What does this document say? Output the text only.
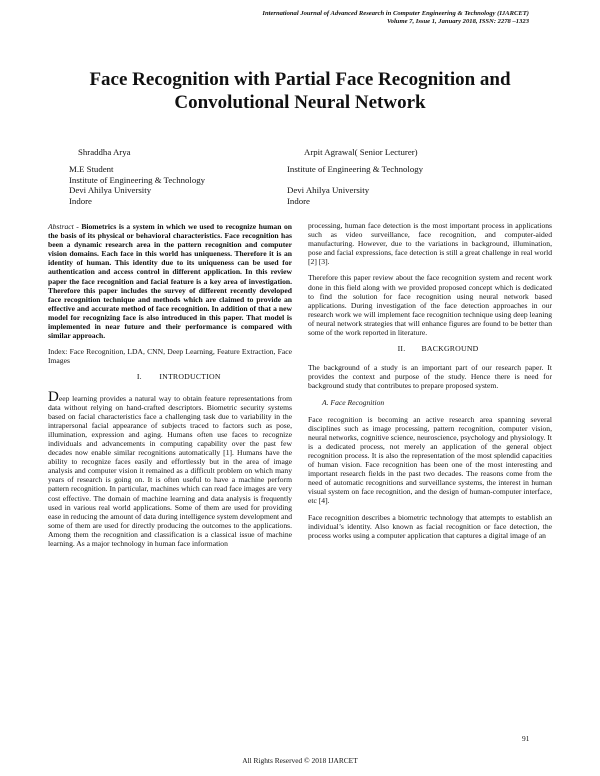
International Journal of Advanced Research in Computer Engineering & Technology (IJARCET)
Volume 7, Issue 1, January 2018, ISSN: 2278 –1323
Face Recognition with Partial Face Recognition and
Convolutional Neural Network
Shraddha Arya	Arpit Agrawal( Senior Lecturer)
M.E Student
Institute of Engineering & Technology
Devi Ahilya University
Indore
Institute of Engineering & Technology
Devi Ahilya University
Indore

Abstract - Biometrics is a system in which we used to recognize human on the basis of its physical or behavioral characteristics. Face recognition has been a dynamic research area in the pattern recognition and computer vision domains. Each face in this world has uniqueness. Therefore it is an identity of human. This identity due to its uniqueness can be used for authentication and access control in different application. In this review paper the face recognition and facial feature is a key area of investigation. Therefore this paper includes the survey of different recently developed face recognition technique and methods which are claimed to provide an effective and accurate method of face recognition. In addition of that a new model for recognizing face is also introduced in this paper. That model is implemented in near future and their performance is compared with similar approach.

Index: Face Recognition, LDA, CNN, Deep Learning, Feature Extraction, Face Images

I. INTRODUCTION

Deep learning provides a natural way to obtain feature representations from data without relying on hand-crafted descriptors. Biometric security systems based on facial characteristics face a challenging task due to variability in the intrapersonal facial appearance of subjects traced to factors such as pose, illumination, expression and aging. Humans often use faces to recognize individuals and advancements in computing capability over the past few decades now enable similar recognitions automatically [1]. Humans have the ability to recognize faces easily and effortlessly but in the area of image analysis and computer vision it remained as a difficult problem on which many years of research is going on. It is often useful to have a machine perform pattern recognition. In particular, machines which can read face images are very cost effective. The domain of machine learning and data analysis is frequently used in various real world applications. Some of them are used for providing ease in reducing the amount of data during intelligence system development and some of them are used for directly producing the outcomes to the applications. Among them the recognition and classification is a classical issue of machine learning. As a major technology in human face information

processing, human face detection is the most important process in applications such as video surveillance, face recognition, and computer-aided manufacturing. However, due to the variations in background, illumination, pose and facial expressions, face detection is still a great challenge in real world [2] [3].

Therefore this paper review about the face recognition system and recent work done in this field along with we provided proposed concept which is dedicated to find the solution for face recognition using neural network based applications. During investigation of the face detection approaches in our research work we will implement face recognition technique using deep leaning of neural network strategies that will enhance figures are found to be better than some of the work reported in literature.

II. BACKGROUND

The background of a study is an important part of our research paper. It provides the context and purpose of the study. Hence there is need for background study that contributes to prepare proposed system.

A. Face Recognition

Face recognition is becoming an active research area spanning several disciplines such as image processing, pattern recognition, computer vision, neural networks, cognitive science, neuroscience, psychology and physiology. It is a dedicated process, not merely an application of the general object recognition process. It is also the representation of the most splendid capacities of human vision. Face recognition has been one of the most interesting and important research fields in the past two decades. The reasons come from the need of automatic recognitions and surveillance systems, the interest in human visual system on face recognition, and the design of human-computer interface, etc [4].

Face recognition describes a biometric technology that attempts to establish an individual’s identity. Also known as facial recognition or face detection, the process works using a computer application that captures a digital image of an

91
All Rights Reserved © 2018 IJARCET
